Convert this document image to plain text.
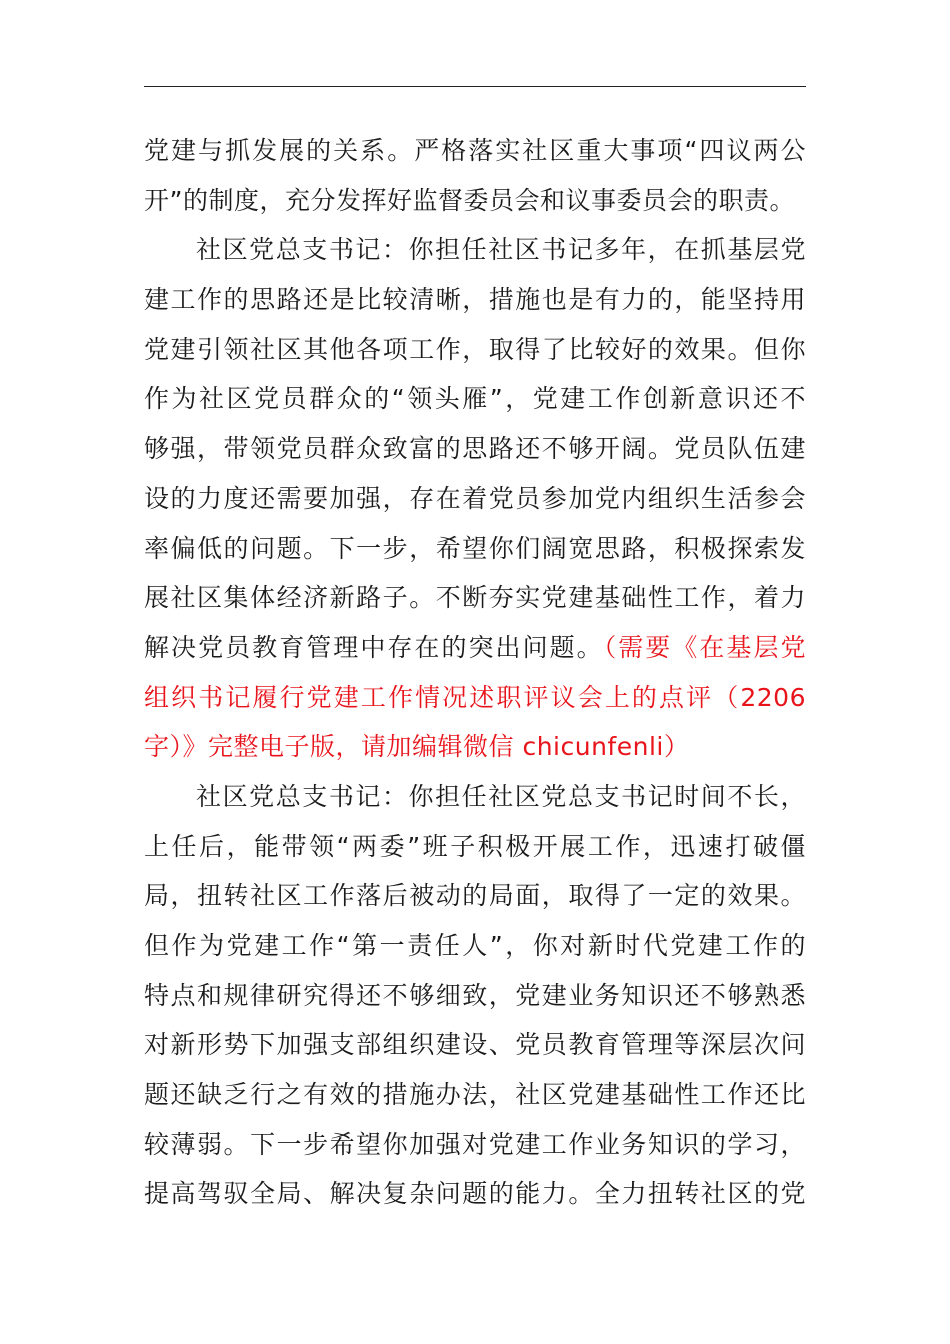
党建与抓发展的关系。严格落实社区重大事项“四议两公
开”的制度，充分发挥好监督委员会和议事委员会的职责。
社区党总支书记：你担任社区书记多年，在抓基层党
建工作的思路还是比较清晰，措施也是有力的，能坚持用
党建引领社区其他各项工作，取得了比较好的效果。但你
作为社区党员群众的“领头雁”，党建工作创新意识还不
够强，带领党员群众致富的思路还不够开阔。党员队伍建
设的力度还需要加强，存在着党员参加党内组织生活参会
率偏低的问题。下一步，希望你们阔宽思路，积极探索发
展社区集体经济新路子。不断夯实党建基础性工作，着力
解决党员教育管理中存在的突出问题。（需要《在基层党
组织书记履行党建工作情况述职评议会上的点评（2206
字）》完整电子版，请加编辑微信 chicunfenli）
社区党总支书记：你担任社区党总支书记时间不长，
上任后，能带领“两委”班子积极开展工作，迅速打破僵
局，扭转社区工作落后被动的局面，取得了一定的效果。
但作为党建工作“第一责任人”，你对新时代党建工作的
特点和规律研究得还不够细致，党建业务知识还不够熟悉
对新形势下加强支部组织建设、党员教育管理等深层次问
题还缺乏行之有效的措施办法，社区党建基础性工作还比
较薄弱。下一步希望你加强对党建工作业务知识的学习，
提高驾驭全局、解决复杂问题的能力。全力扭转社区的党
